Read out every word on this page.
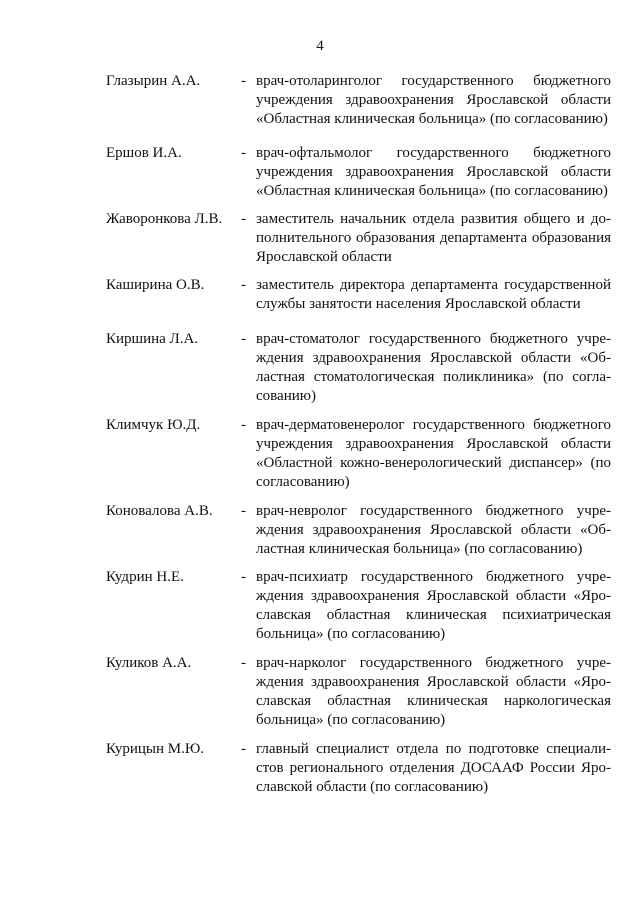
4
Глазырин А.А.	- врач-отоларинголог государственного бюджетного
учреждения здравоохранения Ярославской области
«Областная клиническая больница» (по согласованию)
Ершов И.А.	- врач-офтальмолог государственного бюджетного
учреждения здравоохранения Ярославской области
«Областная клиническая больница» (по согласованию)
Жаворонкова Л.В. - заместитель начальник отдела развития общего и до-
полнительного образования департамента образования
Ярославской области
Каширина О.В. - заместитель директора департамента государственной
службы занятости населения Ярославской области
Киршина Л.А.	- врач-стоматолог государственного бюджетного учре-
ждения здравоохранения Ярославской области «Об-
ластная стоматологическая поликлиника» (по согла-
сованию)
Климчук Ю.Д.	- врач-дерматовенеролог государственного бюджетного
учреждения здравоохранения Ярославской области
«Областной кожно-венерологический диспансер» (по
согласованию)
Коновалова А.В. - врач-невролог государственного бюджетного учре-
ждения здравоохранения Ярославской области «Об-
ластная клиническая больница» (по согласованию)
Кудрин Н.Е.	- врач-психиатр государственного бюджетного учре-
ждения здравоохранения Ярославской области «Яро-
славская областная клиническая психиатрическая
больница» (по согласованию)
Куликов А.А.	- врач-нарколог государственного бюджетного учре-
ждения здравоохранения Ярославской области «Яро-
славская областная клиническая наркологическая
больница» (по согласованию)
Курицын М.Ю. - главный специалист отдела по подготовке специали-
стов регионального отделения ДОСААФ России Яро-
славской области (по согласованию)
